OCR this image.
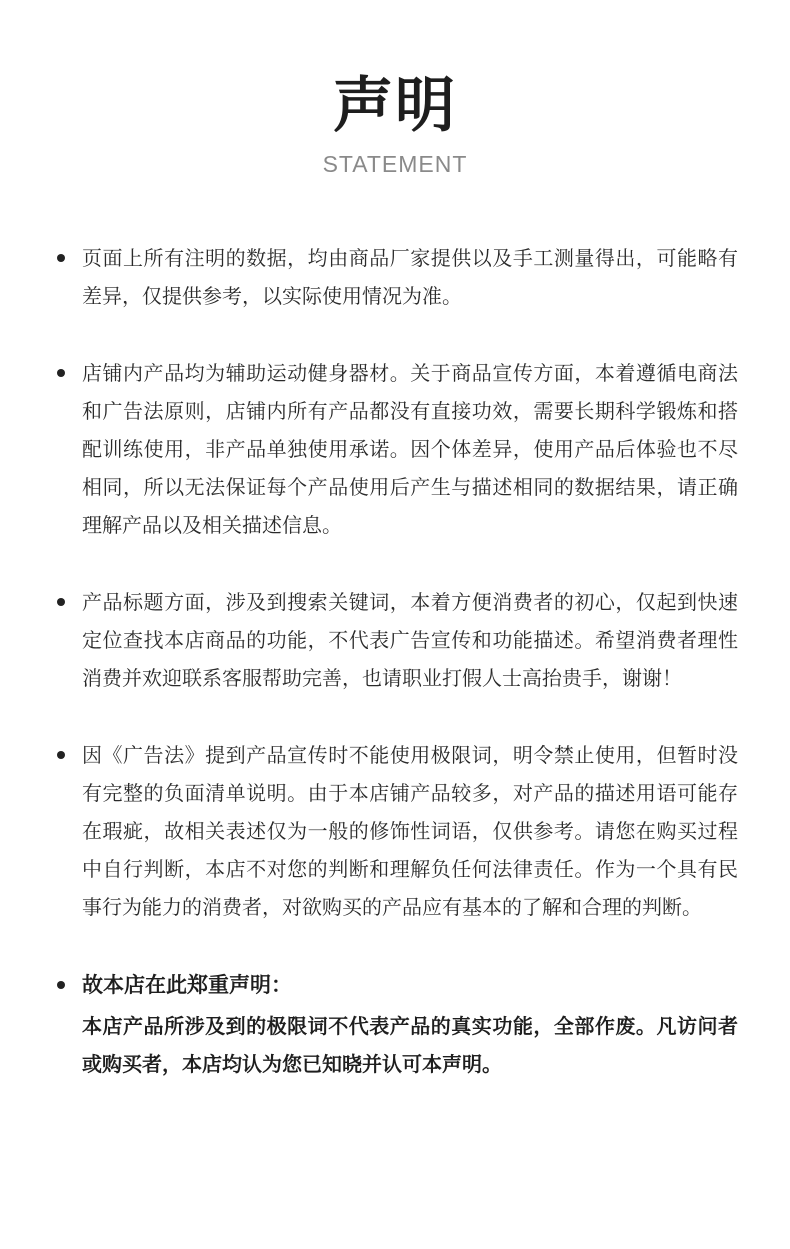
声明
STATEMENT
页面上所有注明的数据，均由商品厂家提供以及手工测量得出，可能略有差异，仅提供参考，以实际使用情况为准。
店铺内产品均为辅助运动健身器材。关于商品宣传方面，本着遵循电商法和广告法原则，店铺内所有产品都没有直接功效，需要长期科学锻炼和搭配训练使用，非产品单独使用承诺。因个体差异，使用产品后体验也不尽相同，所以无法保证每个产品使用后产生与描述相同的数据结果，请正确理解产品以及相关描述信息。
产品标题方面，涉及到搜索关键词，本着方便消费者的初心，仅起到快速定位查找本店商品的功能，不代表广告宣传和功能描述。希望消费者理性消费并欢迎联系客服帮助完善，也请职业打假人士高抬贵手，谢谢！
因《广告法》提到产品宣传时不能使用极限词，明令禁止使用，但暂时没有完整的负面清单说明。由于本店铺产品较多，对产品的描述用语可能存在瑕疵，故相关表述仅为一般的修饰性词语，仅供参考。请您在购买过程中自行判断，本店不对您的判断和理解负任何法律责任。作为一个具有民事行为能力的消费者，对欲购买的产品应有基本的了解和合理的判断。
故本店在此郑重声明：
本店产品所涉及到的极限词不代表产品的真实功能，全部作废。凡访问者或购买者，本店均认为您已知晓并认可本声明。
